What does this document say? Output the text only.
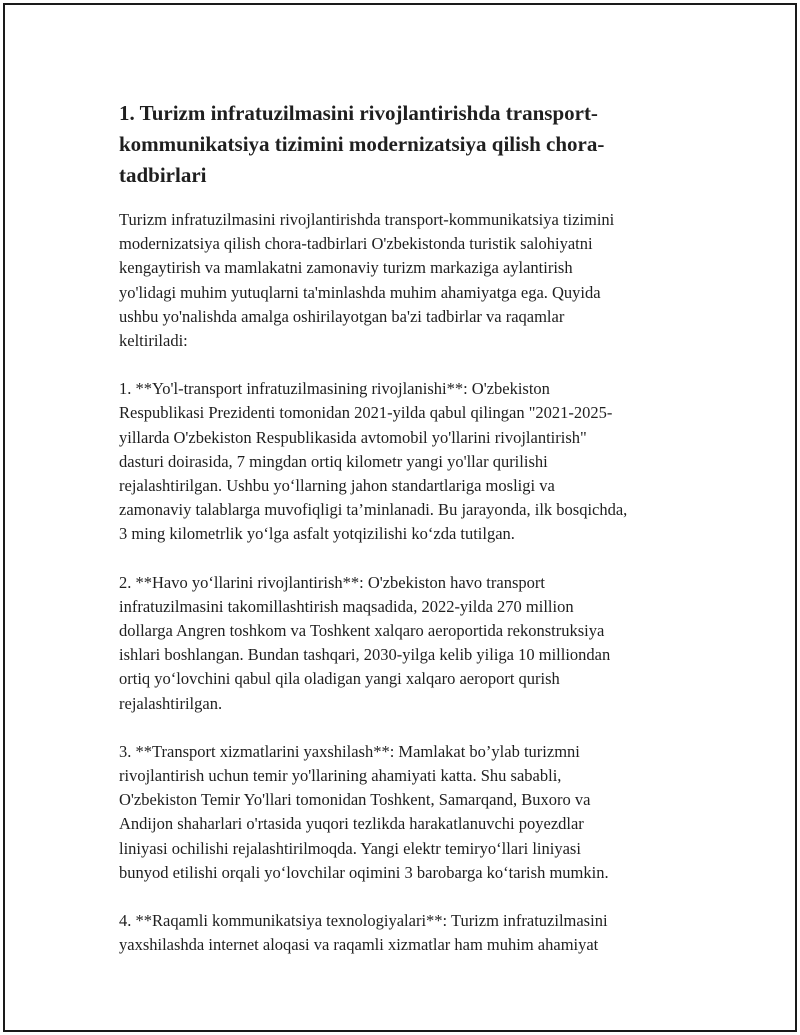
1. Turizm infratuzilmasini rivojlantirishda transport-
kommunikatsiya tizimini modernizatsiya qilish chora-
tadbirlari

Turizm infratuzilmasini rivojlantirishda transport-kommunikatsiya tizimini
modernizatsiya qilish chora-tadbirlari O'zbekistonda turistik salohiyatni
kengaytirish va mamlakatni zamonaviy turizm markaziga aylantirish
yo'lidagi muhim yutuqlarni ta'minlashda muhim ahamiyatga ega. Quyida
ushbu yo'nalishda amalga oshirilayotgan ba'zi tadbirlar va raqamlar
keltiriladi:

1. **Yo'l-transport infratuzilmasining rivojlanishi**: O'zbekiston
Respublikasi Prezidenti tomonidan 2021-yilda qabul qilingan "2021-2025-
yillarda O'zbekiston Respublikasida avtomobil yo'llarini rivojlantirish"
dasturi doirasida, 7 mingdan ortiq kilometr yangi yo'llar qurilishi
rejalashtirilgan. Ushbu yo‘llarning jahon standartlariga mosligi va
zamonaviy talablarga muvofiqligi ta’minlanadi. Bu jarayonda, ilk bosqichda,
3 ming kilometrlik yo‘lga asfalt yotqizilishi ko‘zda tutilgan.

2. **Havo yo‘llarini rivojlantirish**: O'zbekiston havo transport
infratuzilmasini takomillashtirish maqsadida, 2022-yilda 270 million
dollarga Angren toshkom va Toshkent xalqaro aeroportida rekonstruksiya
ishlari boshlangan. Bundan tashqari, 2030-yilga kelib yiliga 10 milliondan
ortiq yo‘lovchini qabul qila oladigan yangi xalqaro aeroport qurish
rejalashtirilgan.

3. **Transport xizmatlarini yaxshilash**: Mamlakat bo’ylab turizmni
rivojlantirish uchun temir yo'llarining ahamiyati katta. Shu sababli,
O'zbekiston Temir Yo'llari tomonidan Toshkent, Samarqand, Buxoro va
Andijon shaharlari o'rtasida yuqori tezlikda harakatlanuvchi poyezdlar
liniyasi ochilishi rejalashtirilmoqda. Yangi elektr temiryo‘llari liniyasi
bunyod etilishi orqali yo‘lovchilar oqimini 3 barobarga ko‘tarish mumkin.

4. **Raqamli kommunikatsiya texnologiyalari**: Turizm infratuzilmasini
yaxshilashda internet aloqasi va raqamli xizmatlar ham muhim ahamiyat
